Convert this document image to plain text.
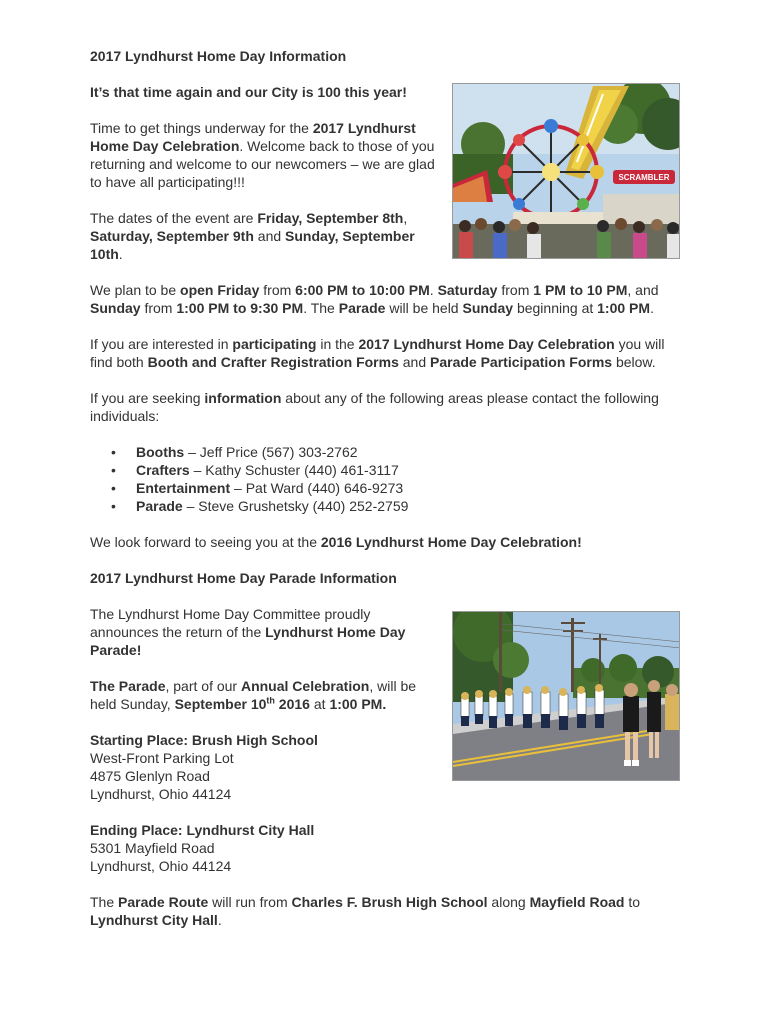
2017 Lyndhurst Home Day Information

SCRAMBLER

It’s that time again and our City is 100 this year!

Time to get things underway for the 2017 Lyndhurst Home Day Celebration. Welcome back to those of you returning and welcome to our newcomers – we are glad to have all participating!!!

The dates of the event are Friday, September 8th, Saturday, September 9th and Sunday, September 10th.

We plan to be open Friday from 6:00 PM to 10:00 PM. Saturday from 1 PM to 10 PM, and Sunday from 1:00 PM to 9:30 PM. The Parade will be held Sunday beginning at 1:00 PM.

If you are interested in participating in the 2017 Lyndhurst Home Day Celebration you will find both Booth and Crafter Registration Forms and Parade Participation Forms below.

If you are seeking information about any of the following areas please contact the following individuals:

• Booths – Jeff Price (567) 303-2762
• Crafters – Kathy Schuster (440) 461-3117
• Entertainment – Pat Ward (440) 646-9273
• Parade – Steve Grushetsky (440) 252-2759

We look forward to seeing you at the 2016 Lyndhurst Home Day Celebration!

2017 Lyndhurst Home Day Parade Information

The Lyndhurst Home Day Committee proudly announces the return of the Lyndhurst Home Day Parade!

The Parade, part of our Annual Celebration, will be held Sunday, September 10th 2016 at 1:00 PM.

Starting Place: Brush High School
West-Front Parking Lot
4875 Glenlyn Road
Lyndhurst, Ohio 44124

Ending Place: Lyndhurst City Hall
5301 Mayfield Road
Lyndhurst, Ohio 44124

The Parade Route will run from Charles F. Brush High School along Mayfield Road to Lyndhurst City Hall.
